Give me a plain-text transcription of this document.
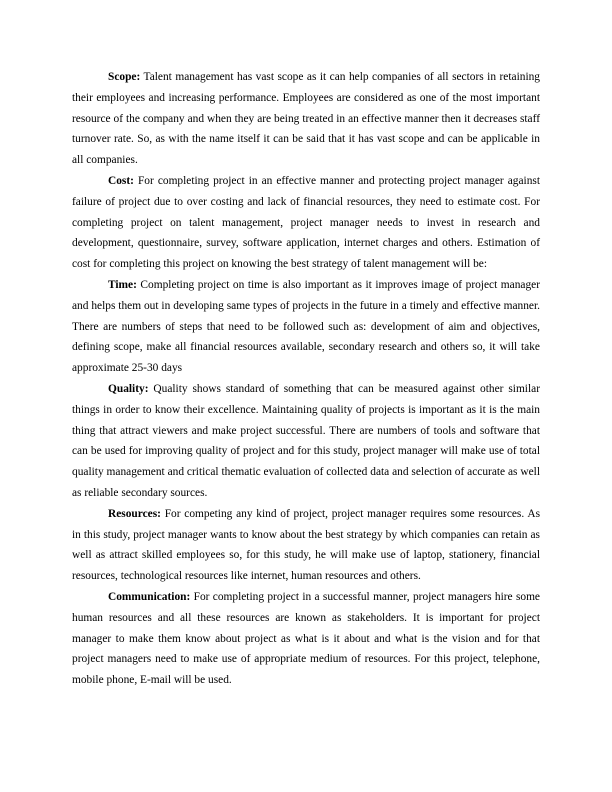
Scope: Talent management has vast scope as it can help companies of all sectors in retaining their employees and increasing performance. Employees are considered as one of the most important resource of the company and when they are being treated in an effective manner then it decreases staff turnover rate. So, as with the name itself it can be said that it has vast scope and can be applicable in all companies.

Cost: For completing project in an effective manner and protecting project manager against failure of project due to over costing and lack of financial resources, they need to estimate cost. For completing project on talent management, project manager needs to invest in research and development, questionnaire, survey, software application, internet charges and others. Estimation of cost for completing this project on knowing the best strategy of talent management will be:

Time: Completing project on time is also important as it improves image of project manager and helps them out in developing same types of projects in the future in a timely and effective manner. There are numbers of steps that need to be followed such as: development of aim and objectives, defining scope, make all financial resources available, secondary research and others so, it will take approximate 25-30 days

Quality: Quality shows standard of something that can be measured against other similar things in order to know their excellence. Maintaining quality of projects is important as it is the main thing that attract viewers and make project successful. There are numbers of tools and software that can be used for improving quality of project and for this study, project manager will make use of total quality management and critical thematic evaluation of collected data and selection of accurate as well as reliable secondary sources.

Resources: For competing any kind of project, project manager requires some resources. As in this study, project manager wants to know about the best strategy by which companies can retain as well as attract skilled employees so, for this study, he will make use of laptop, stationery, financial resources, technological resources like internet, human resources and others.

Communication: For completing project in a successful manner, project managers hire some human resources and all these resources are known as stakeholders. It is important for project manager to make them know about project as what is it about and what is the vision and for that project managers need to make use of appropriate medium of resources. For this project, telephone, mobile phone, E-mail will be used.
